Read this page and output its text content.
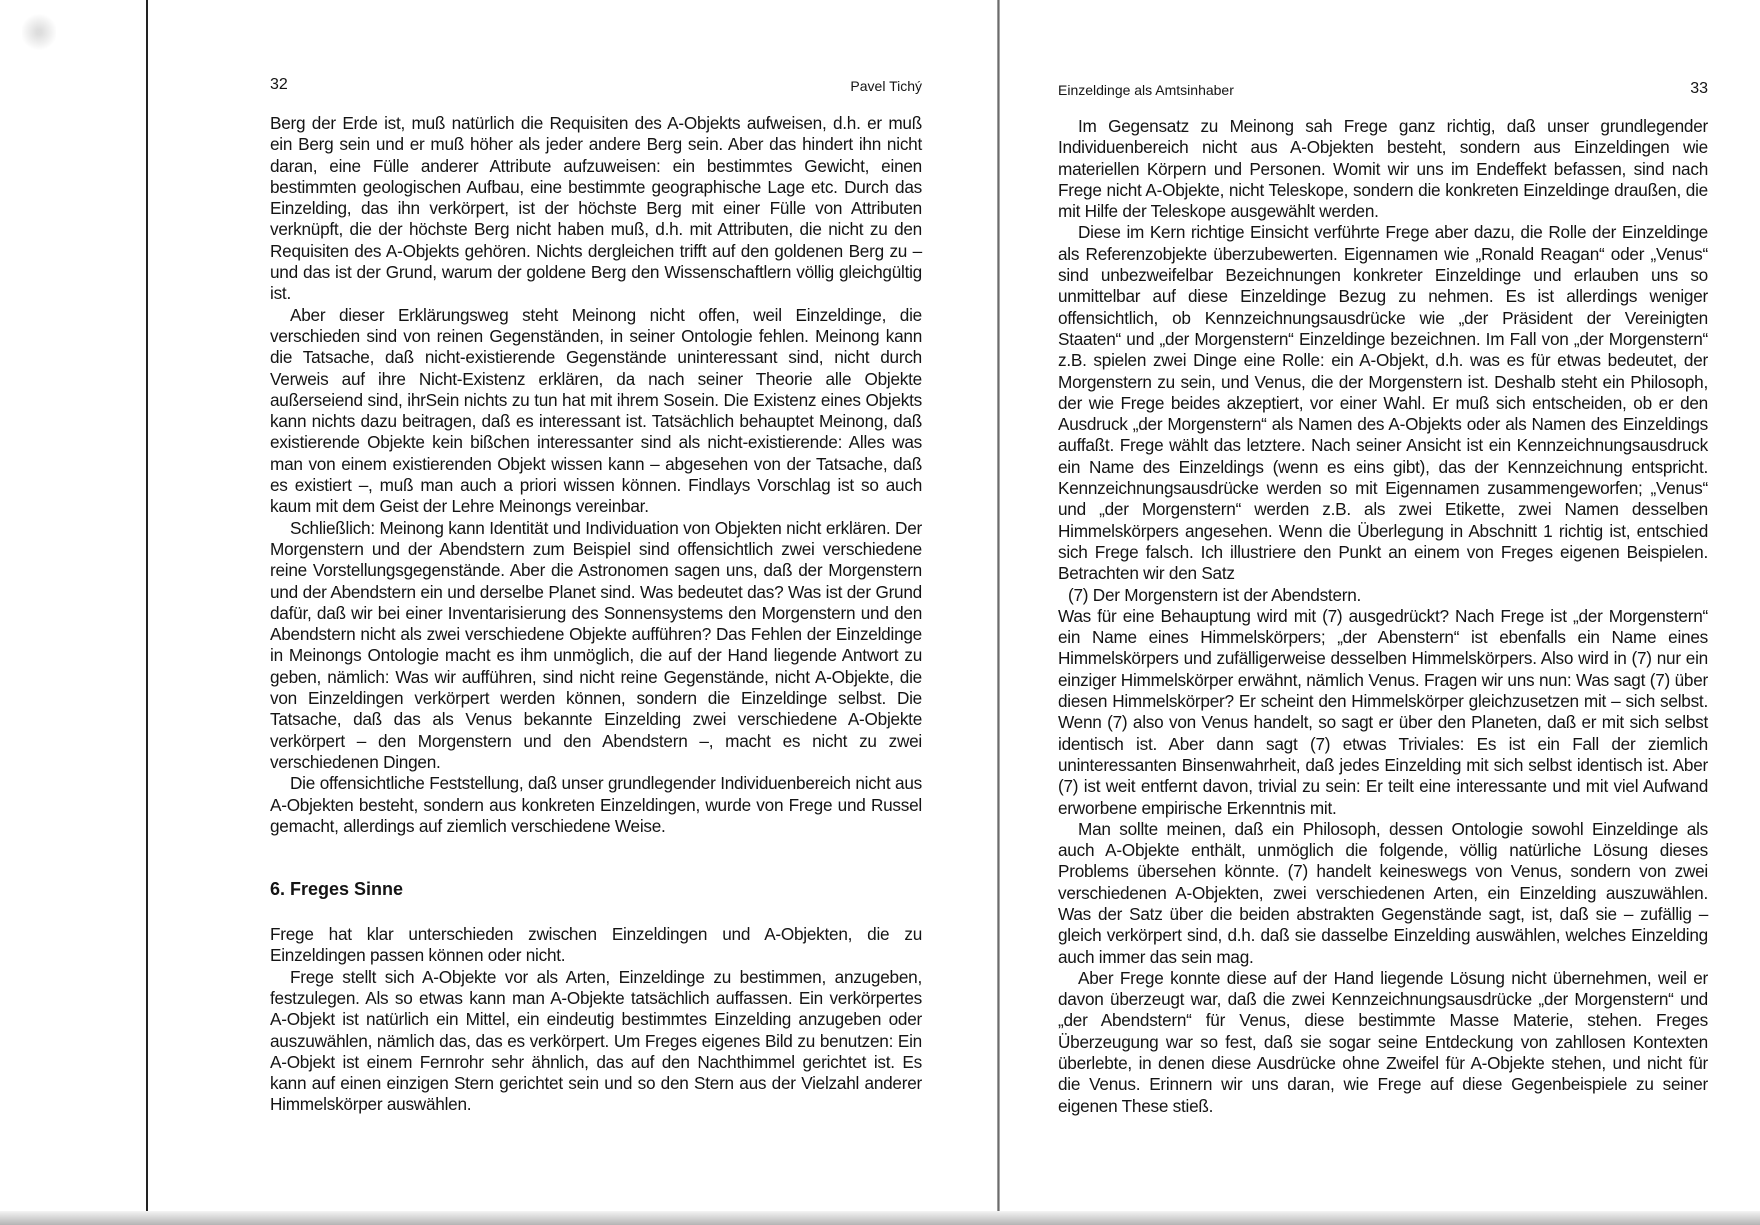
32	Pavel Tichý

Berg der Erde ist, muß natürlich die Requisiten des A-Objekts aufweisen, d.h. er muß ein Berg sein und er muß höher als jeder andere Berg sein. Aber das hindert ihn nicht daran, eine Fülle anderer Attribute aufzuweisen: ein bestimmtes Gewicht, einen bestimmten geologischen Aufbau, eine bestimmte geographische Lage etc. Durch das Einzelding, das ihn verkörpert, ist der höchste Berg mit einer Fülle von Attributen verknüpft, die der höchste Berg nicht haben muß, d.h. mit Attributen, die nicht zu den Requisiten des A-Objekts gehören. Nichts dergleichen trifft auf den goldenen Berg zu – und das ist der Grund, warum der goldene Berg den Wissenschaftlern völlig gleichgültig ist.

Aber dieser Erklärungsweg steht Meinong nicht offen, weil Einzeldinge, die verschieden sind von reinen Gegenständen, in seiner Ontologie fehlen. Meinong kann die Tatsache, daß nicht-existierende Gegenstände uninteressant sind, nicht durch Verweis auf ihre Nicht-Existenz erklären, da nach seiner Theorie alle Objekte außerseiend sind, ihrSein nichts zu tun hat mit ihrem Sosein. Die Existenz eines Objekts kann nichts dazu beitragen, daß es interessant ist. Tatsächlich behauptet Meinong, daß existierende Objekte kein bißchen interessanter sind als nicht-existierende: Alles was man von einem existierenden Objekt wissen kann – abgesehen von der Tatsache, daß es existiert –, muß man auch a priori wissen können. Findlays Vorschlag ist so auch kaum mit dem Geist der Lehre Meinongs vereinbar.

Schließlich: Meinong kann Identität und Individuation von Objekten nicht erklären. Der Morgenstern und der Abendstern zum Beispiel sind offensichtlich zwei verschiedene reine Vorstellungsgegenstände. Aber die Astronomen sagen uns, daß der Morgenstern und der Abendstern ein und derselbe Planet sind. Was bedeutet das? Was ist der Grund dafür, daß wir bei einer Inventarisierung des Sonnensystems den Morgenstern und den Abendstern nicht als zwei verschiedene Objekte aufführen? Das Fehlen der Einzeldinge in Meinongs Ontologie macht es ihm unmöglich, die auf der Hand liegende Antwort zu geben, nämlich: Was wir aufführen, sind nicht reine Gegenstände, nicht A-Objekte, die von Einzeldingen verkörpert werden können, sondern die Einzeldinge selbst. Die Tatsache, daß das als Venus bekannte Einzelding zwei verschiedene A-Objekte verkörpert – den Morgenstern und den Abendstern –, macht es nicht zu zwei verschiedenen Dingen.

Die offensichtliche Feststellung, daß unser grundlegender Individuenbereich nicht aus A-Objekten besteht, sondern aus konkreten Einzeldingen, wurde von Frege und Russel gemacht, allerdings auf ziemlich verschiedene Weise.

6. Freges Sinne

Frege hat klar unterschieden zwischen Einzeldingen und A-Objekten, die zu Einzeldingen passen können oder nicht.

Frege stellt sich A-Objekte vor als Arten, Einzeldinge zu bestimmen, anzugeben, festzulegen. Als so etwas kann man A-Objekte tatsächlich auffassen. Ein verkörpertes A-Objekt ist natürlich ein Mittel, ein eindeutig bestimmtes Einzelding anzugeben oder auszuwählen, nämlich das, das es verkörpert. Um Freges eigenes Bild zu benutzen: Ein A-Objekt ist einem Fernrohr sehr ähnlich, das auf den Nachthimmel gerichtet ist. Es kann auf einen einzigen Stern gerichtet sein und so den Stern aus der Vielzahl anderer Himmelskörper auswählen.

Einzeldinge als Amtsinhaber	33

Im Gegensatz zu Meinong sah Frege ganz richtig, daß unser grundlegender Individuenbereich nicht aus A-Objekten besteht, sondern aus Einzeldingen wie materiellen Körpern und Personen. Womit wir uns im Endeffekt befassen, sind nach Frege nicht A-Objekte, nicht Teleskope, sondern die konkreten Einzeldinge draußen, die mit Hilfe der Teleskope ausgewählt werden.

Diese im Kern richtige Einsicht verführte Frege aber dazu, die Rolle der Einzeldinge als Referenzobjekte überzubewerten. Eigennamen wie „Ronald Reagan“ oder „Venus“ sind unbezweifelbar Bezeichnungen konkreter Einzeldinge und erlauben uns so unmittelbar auf diese Einzeldinge Bezug zu nehmen. Es ist allerdings weniger offensichtlich, ob Kennzeichnungsausdrücke wie „der Präsident der Vereinigten Staaten“ und „der Morgenstern“ Einzeldinge bezeichnen. Im Fall von „der Morgenstern“ z.B. spielen zwei Dinge eine Rolle: ein A-Objekt, d.h. was es für etwas bedeutet, der Morgenstern zu sein, und Venus, die der Morgenstern ist. Deshalb steht ein Philosoph, der wie Frege beides akzeptiert, vor einer Wahl. Er muß sich entscheiden, ob er den Ausdruck „der Morgenstern“ als Namen des A-Objekts oder als Namen des Einzeldings auffaßt. Frege wählt das letztere. Nach seiner Ansicht ist ein Kennzeichnungsausdruck ein Name des Einzeldings (wenn es eins gibt), das der Kennzeichnung entspricht. Kennzeichnungsausdrücke werden so mit Eigennamen zusammengeworfen; „Venus“ und „der Morgenstern“ werden z.B. als zwei Etikette, zwei Namen desselben Himmelskörpers angesehen. Wenn die Überlegung in Abschnitt 1 richtig ist, entschied sich Frege falsch. Ich illustriere den Punkt an einem von Freges eigenen Beispielen. Betrachten wir den Satz

(7) Der Morgenstern ist der Abendstern.

Was für eine Behauptung wird mit (7) ausgedrückt? Nach Frege ist „der Morgenstern“ ein Name eines Himmelskörpers; „der Abenstern“ ist ebenfalls ein Name eines Himmelskörpers und zufälligerweise desselben Himmelskörpers. Also wird in (7) nur ein einziger Himmelskörper erwähnt, nämlich Venus. Fragen wir uns nun: Was sagt (7) über diesen Himmelskörper? Er scheint den Himmelskörper gleichzusetzen mit – sich selbst. Wenn (7) also von Venus handelt, so sagt er über den Planeten, daß er mit sich selbst identisch ist. Aber dann sagt (7) etwas Triviales: Es ist ein Fall der ziemlich uninteressanten Binsenwahrheit, daß jedes Einzelding mit sich selbst identisch ist. Aber (7) ist weit entfernt davon, trivial zu sein: Er teilt eine interessante und mit viel Aufwand erworbene empirische Erkenntnis mit.

Man sollte meinen, daß ein Philosoph, dessen Ontologie sowohl Einzeldinge als auch A-Objekte enthält, unmöglich die folgende, völlig natürliche Lösung dieses Problems übersehen könnte. (7) handelt keineswegs von Venus, sondern von zwei verschiedenen A-Objekten, zwei verschiedenen Arten, ein Einzelding auszuwählen. Was der Satz über die beiden abstrakten Gegenstände sagt, ist, daß sie – zufällig – gleich verkörpert sind, d.h. daß sie dasselbe Einzelding auswählen, welches Einzelding auch immer das sein mag.

Aber Frege konnte diese auf der Hand liegende Lösung nicht übernehmen, weil er davon überzeugt war, daß die zwei Kennzeichnungsausdrücke „der Morgenstern“ und „der Abendstern“ für Venus, diese bestimmte Masse Materie, stehen. Freges Überzeugung war so fest, daß sie sogar seine Entdeckung von zahllosen Kontexten überlebte, in denen diese Ausdrücke ohne Zweifel für A-Objekte stehen, und nicht für die Venus. Erinnern wir uns daran, wie Frege auf diese Gegenbeispiele zu seiner eigenen These stieß.
